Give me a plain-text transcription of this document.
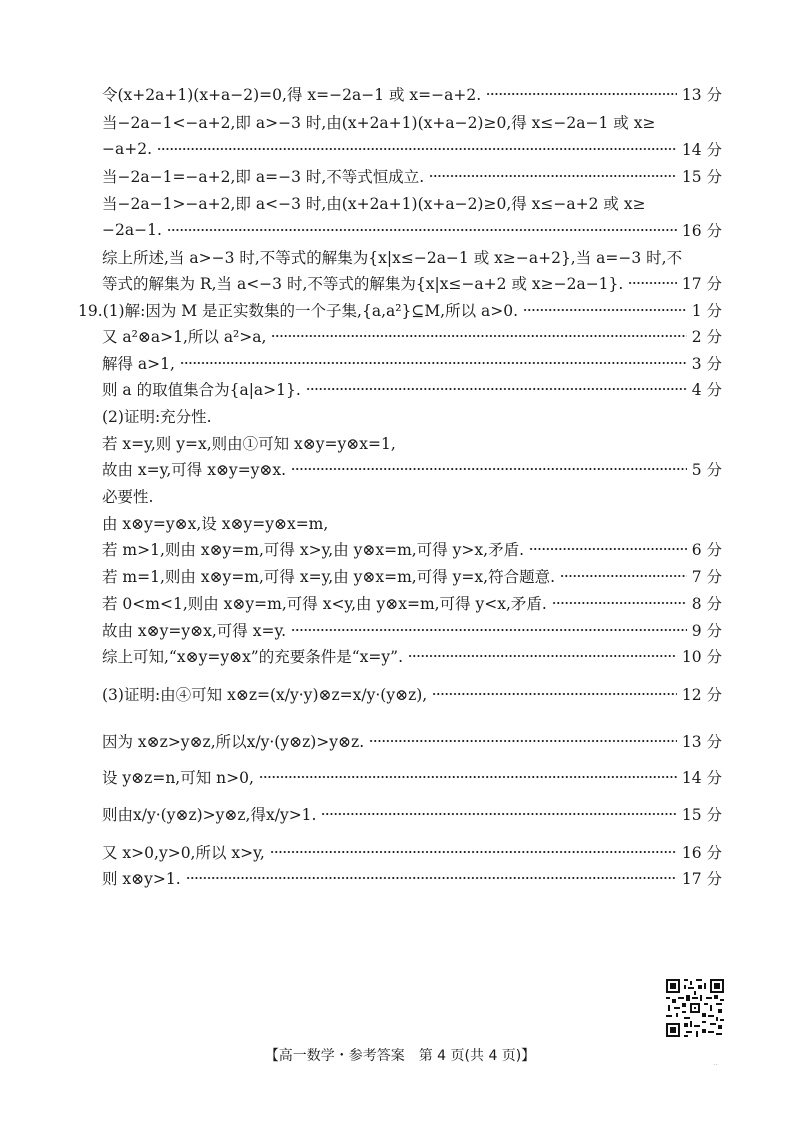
令(x+2a+1)(x+a−2)=0,得 x=−2a−1 或 x=−a+2.	13 分
当−2a−1<−a+2,即 a>−3 时,由(x+2a+1)(x+a−2)≥0,得 x≤−2a−1 或 x≥
−a+2.	14 分
当−2a−1=−a+2,即 a=−3 时,不等式恒成立.	15 分
当−2a−1>−a+2,即 a<−3 时,由(x+2a+1)(x+a−2)≥0,得 x≤−a+2 或 x≥
−2a−1.	16 分
综上所述,当 a>−3 时,不等式的解集为{x|x≤−2a−1 或 x≥−a+2},当 a=−3 时,不
等式的解集为 R,当 a<−3 时,不等式的解集为{x|x≤−a+2 或 x≥−2a−1}.	17 分
19.(1)解:因为 M 是正实数集的一个子集,{a,a²}⊆M,所以 a>0.	1 分
又 a²⊗a>1,所以 a²>a,	2 分
解得 a>1,	3 分
则 a 的取值集合为{a|a>1}.	4 分
(2)证明:充分性.
若 x=y,则 y=x,则由①可知 x⊗y=y⊗x=1,
故由 x=y,可得 x⊗y=y⊗x.	5 分
必要性.
由 x⊗y=y⊗x,设 x⊗y=y⊗x=m,
若 m>1,则由 x⊗y=m,可得 x>y,由 y⊗x=m,可得 y>x,矛盾.	6 分
若 m=1,则由 x⊗y=m,可得 x=y,由 y⊗x=m,可得 y=x,符合题意.	7 分
若 0<m<1,则由 x⊗y=m,可得 x<y,由 y⊗x=m,可得 y<x,矛盾.	8 分
故由 x⊗y=y⊗x,可得 x=y.	9 分
综上可知,“x⊗y=y⊗x”的充要条件是“x=y”.	10 分
(3)证明:由④可知 x⊗z=(x/y·y)⊗z=x/y·(y⊗z),	12 分
因为 x⊗z>y⊗z,所以x/y·(y⊗z)>y⊗z.	13 分
设 y⊗z=n,可知 n>0,	14 分
则由x/y·(y⊗z)>y⊗z,得x/y>1.	15 分
又 x>0,y>0,所以 x>y,	16 分
则 x⊗y>1.	17 分
【高一数学・参考答案　第 4 页(共 4 页)】	..
